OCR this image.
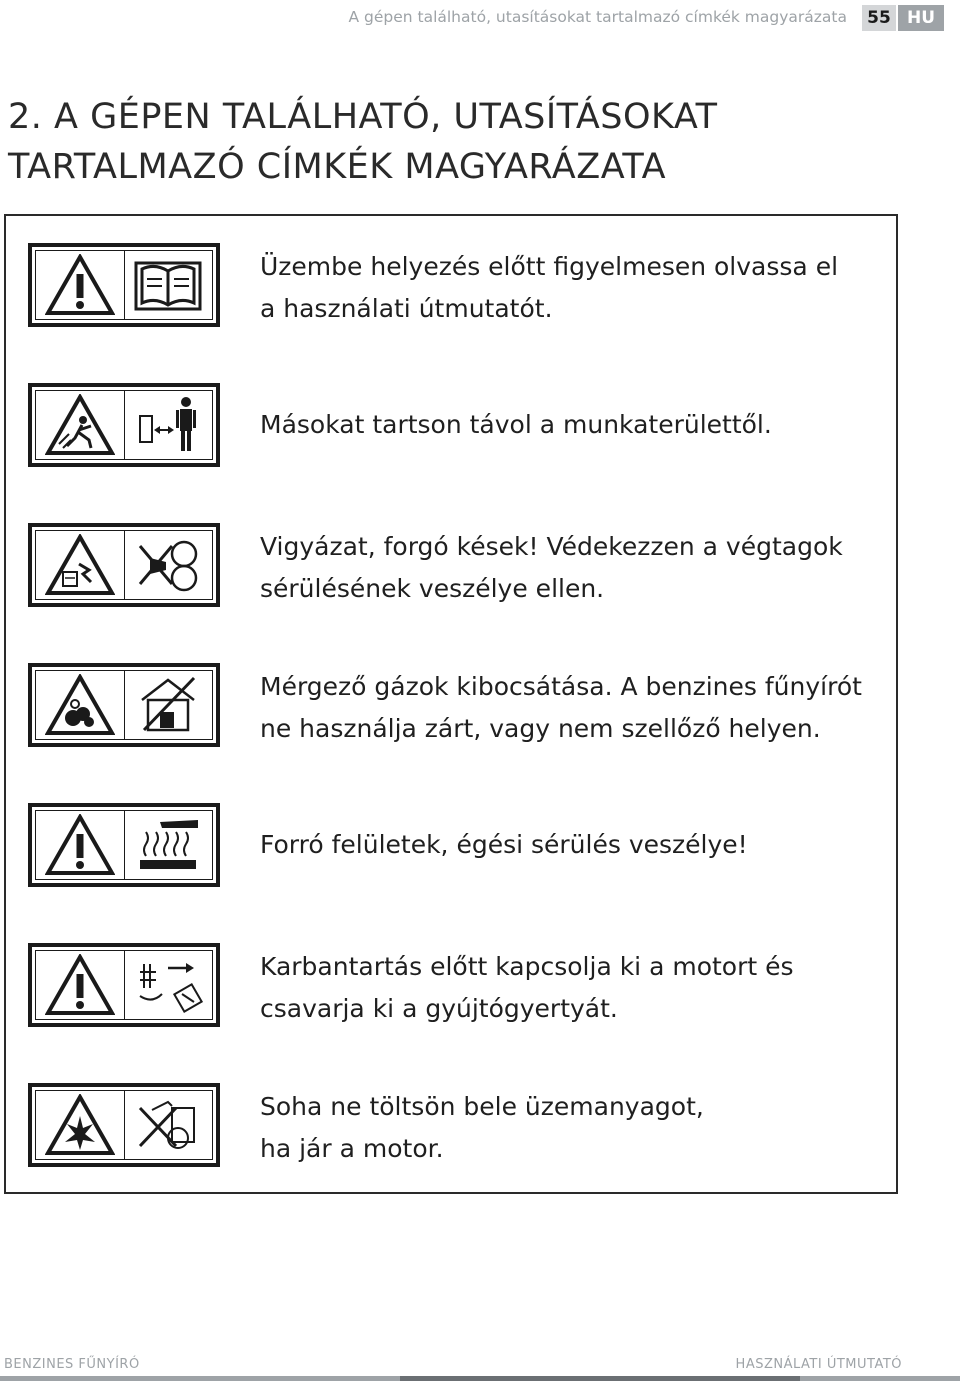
A gépen található, utasításokat tartalmazó címkék magyarázata	55 HU
2. A GÉPEN TALÁLHATÓ, UTASÍTÁSOKAT
TARTALMAZÓ CÍMKÉK MAGYARÁZATA
Üzembe helyezés előtt figyelmesen olvassa el
a használati útmutatót.
Másokat tartson távol a munkaterülettől.
Vigyázat, forgó kések! Védekezzen a végtagok
sérülésének veszélye ellen.
Mérgező gázok kibocsátása. A benzines fűnyírót
ne használja zárt, vagy nem szellőző helyen.
Forró felületek, égési sérülés veszélye!
Karbantartás előtt kapcsolja ki a motort és
csavarja ki a gyújtógyertyát.
Soha ne töltsön bele üzemanyagot,
ha jár a motor.
BENZINES FŰNYÍRÓ	HASZNÁLATI ÚTMUTATÓ
